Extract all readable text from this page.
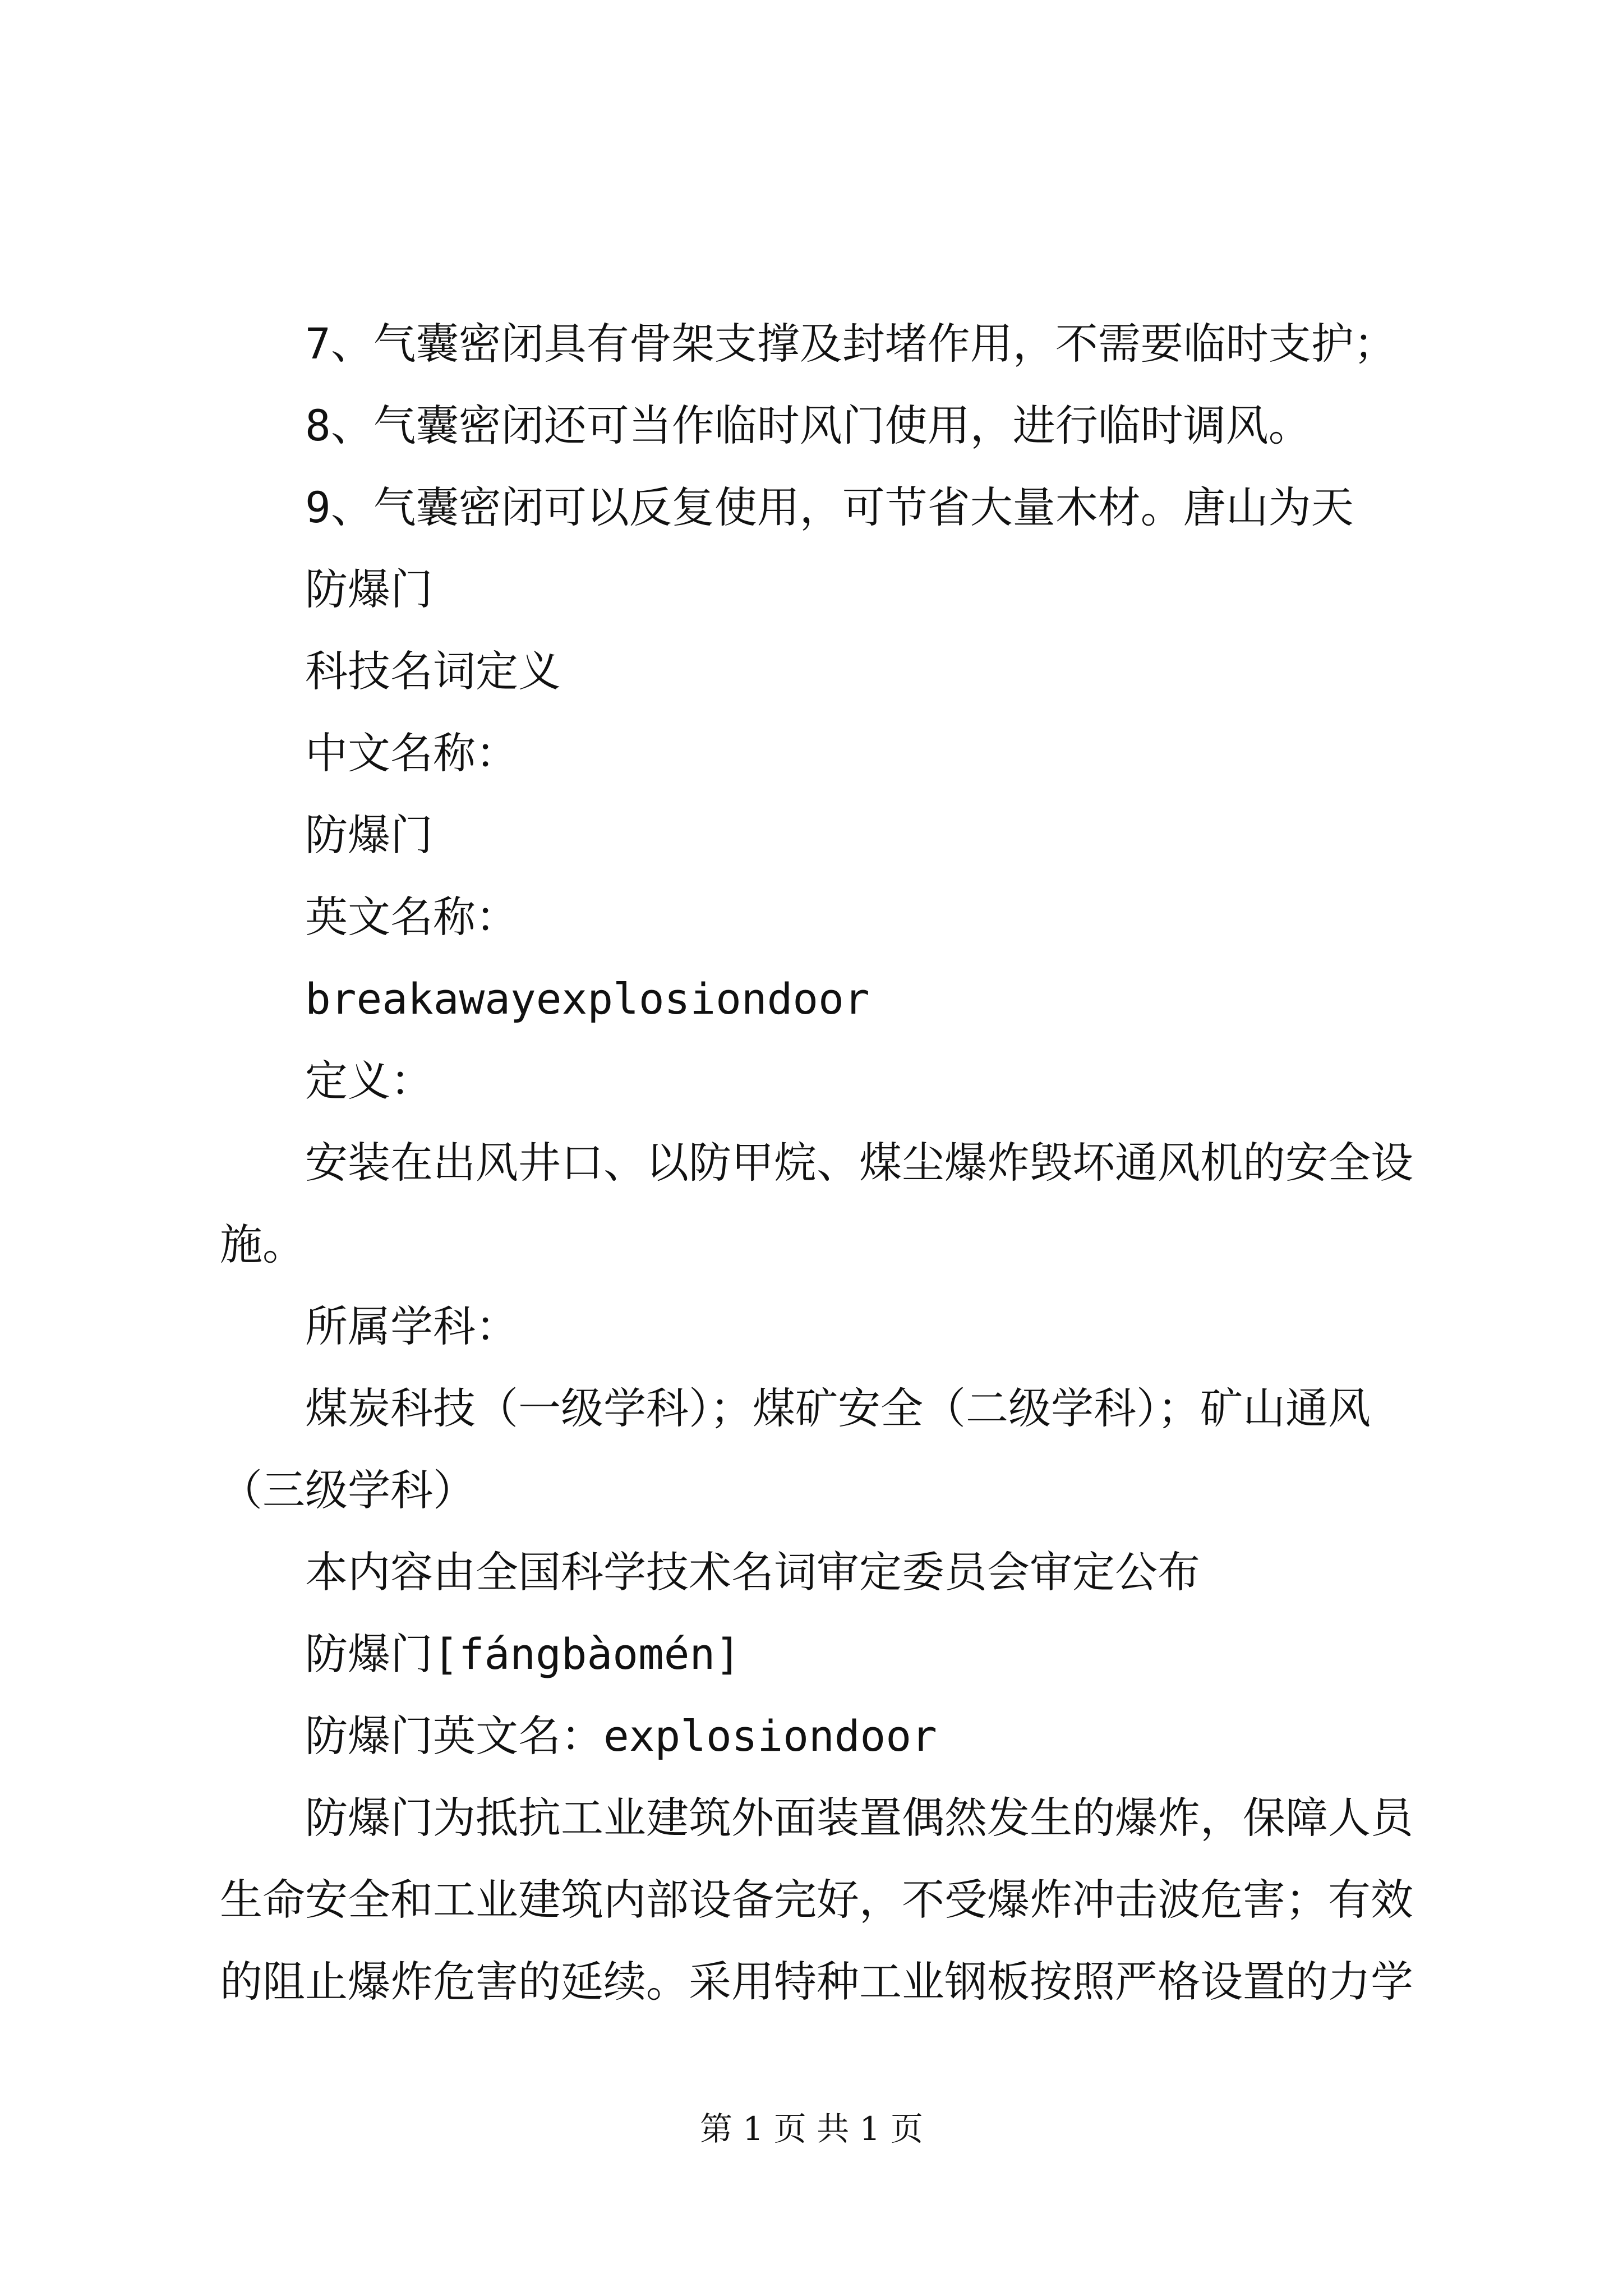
7、气囊密闭具有骨架支撑及封堵作用，不需要临时支护；

8、气囊密闭还可当作临时风门使用，进行临时调风。

9、气囊密闭可以反复使用，可节省大量木材。唐山为天

防爆门

科技名词定义

中文名称：

防爆门

英文名称：

breakawayexplosiondoor

定义：

安装在出风井口、以防甲烷、煤尘爆炸毁坏通风机的安全设施。

所属学科：

煤炭科技（一级学科）；煤矿安全（二级学科）；矿山通风（三级学科）

本内容由全国科学技术名词审定委员会审定公布

防爆门[fángbàomén]

防爆门英文名：explosiondoor

防爆门为抵抗工业建筑外面装置偶然发生的爆炸，保障人员生命安全和工业建筑内部设备完好，不受爆炸冲击波危害；有效的阻止爆炸危害的延续。采用特种工业钢板按照严格设置的力学

第 1 页 共 1 页
